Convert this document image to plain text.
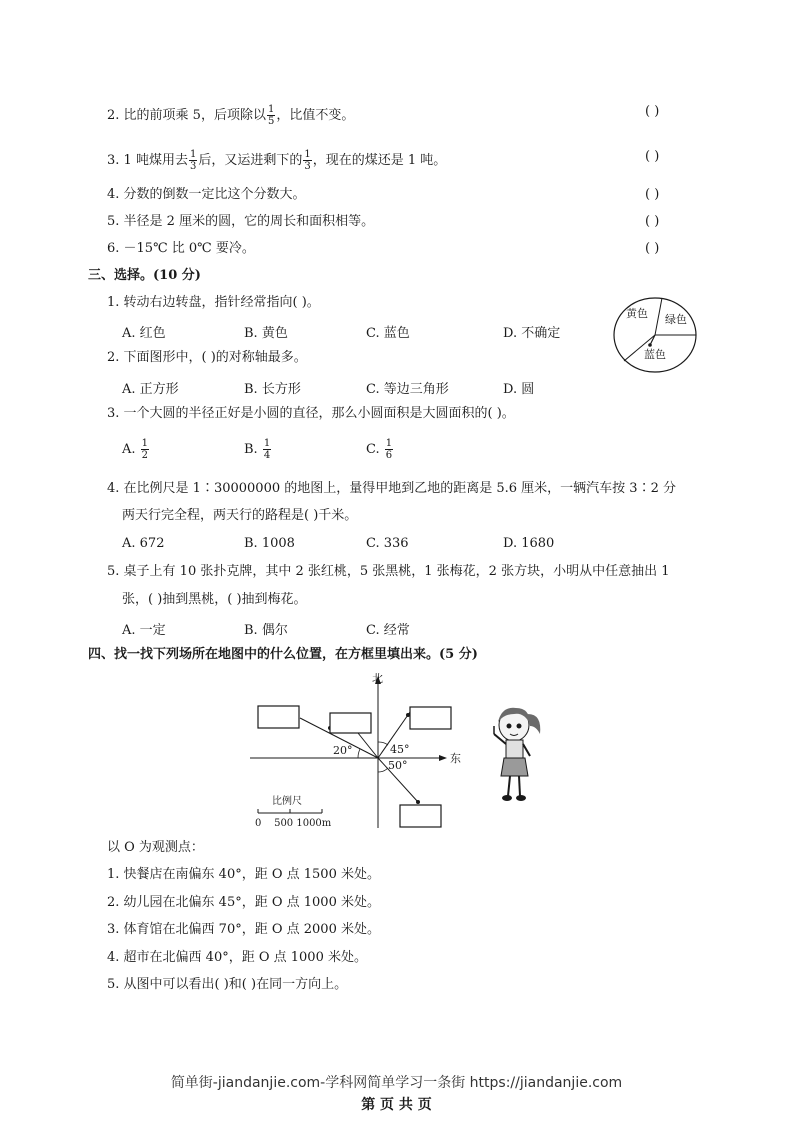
2. 比的前项乘 5，后项除以 $\frac{1}{5}$ ，比值不变。	( )
3. 1 吨煤用去 $\frac{1}{3}$ 后，又运进剩下的 $\frac{1}{3}$ ，现在的煤还是 1 吨。	( )
4. 分数的倒数一定比这个分数大。	( )
5. 半径是 2 厘米的圆，它的周长和面积相等。	( )
6. －15℃ 比 0℃ 要冷。	( )
三、选择。(10 分)
1. 转动右边转盘，指针经常指向( )。
A. 红色	B. 黄色	C. 蓝色	D. 不确定
黄色 绿色
蓝色
2. 下面图形中，( )的对称轴最多。
A. 正方形	B. 长方形	C. 等边三角形	D. 圆
3. 一个大圆的半径正好是小圆的直径，那么小圆面积是大圆面积的( )。
A. $\frac{1}{2}$	B. $\frac{1}{4}$	C. $\frac{1}{6}$
4. 在比例尺是 1∶30000000 的地图上，量得甲地到乙地的距离是 5.6 厘米，一辆汽车按 3∶2 分
两天行完全程，两天行的路程是( )千米。
A. 672	B. 1008	C. 336	D. 1680
5. 桌子上有 10 张扑克牌，其中 2 张红桃，5 张黑桃，1 张梅花，2 张方块，小明从中任意抽出 1
张，( )抽到黑桃，( )抽到梅花。
A. 一定	B. 偶尔	C. 经常
四、找一找下列场所在地图中的什么位置，在方框里填出来。(5 分)
北
东
20°	45°
50°
比例尺
0    500 1000m
以 O 为观测点：
1. 快餐店在南偏东 40°，距 O 点 1500 米处。
2. 幼儿园在北偏东 45°，距 O 点 1000 米处。
3. 体育馆在北偏西 70°，距 O 点 2000 米处。
4. 超市在北偏西 40°，距 O 点 1000 米处。
5. 从图中可以看出( )和( )在同一方向上。
简单街-jiandanjie.com-学科网简单学习一条街 https://jiandanjie.com
第 页 共 页
